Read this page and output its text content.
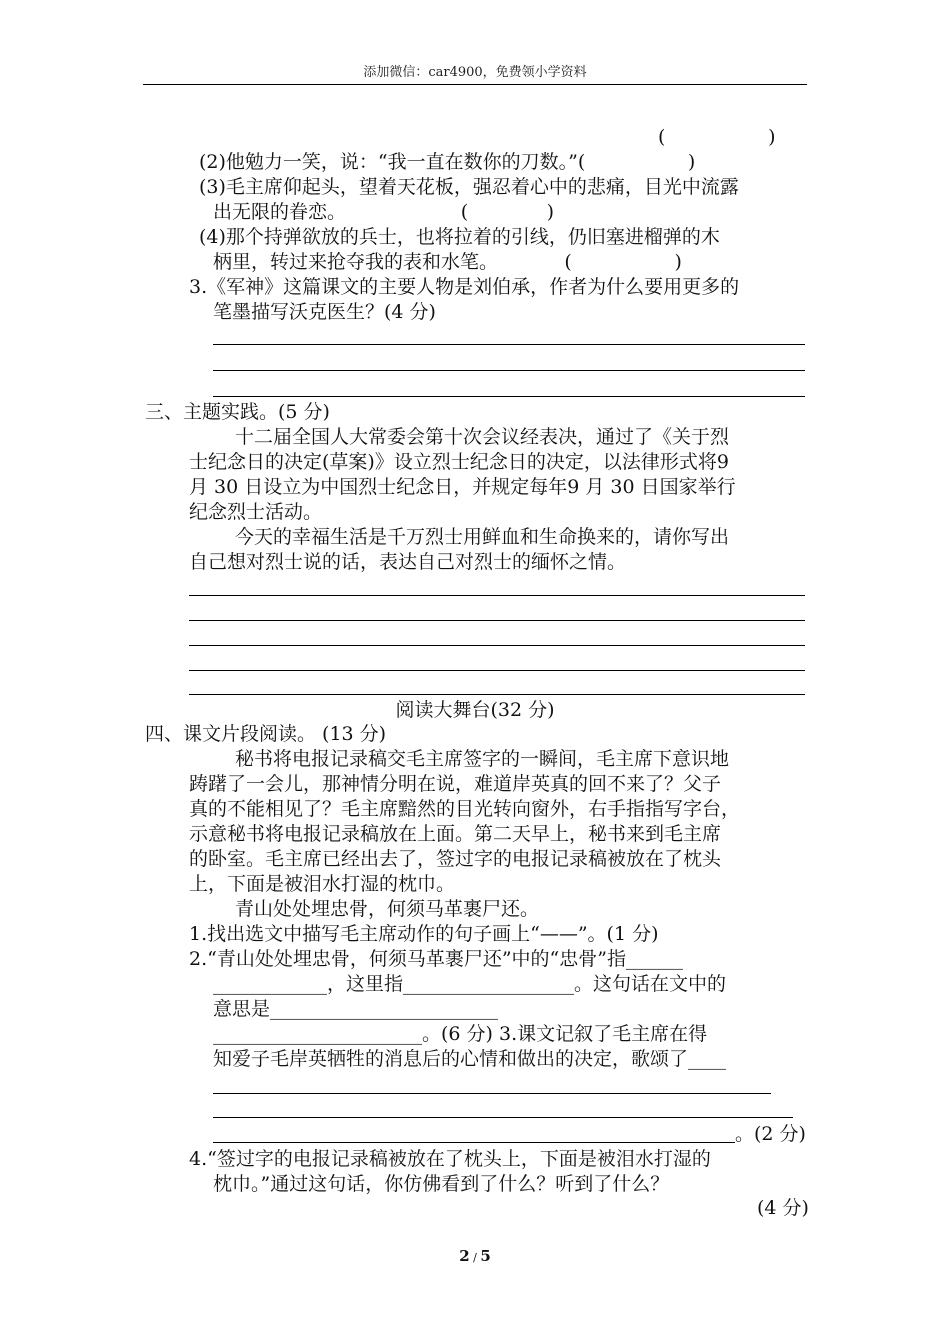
添加微信：car4900，免费领小学资料
(                 )
(2)他勉力一笑，说：“我一直在数你的刀数。”(                 )
(3)毛主席仰起头，望着天花板，强忍着心中的悲痛，目光中流露
出无限的眷恋。                   (             )
(4)那个持弹欲放的兵士，也将拉着的引线，仍旧塞进榴弹的木
柄里，转过来抢夺我的表和水笔。           (                 )
3.《军神》这篇课文的主要人物是刘伯承，作者为什么要用更多的
笔墨描写沃克医生？(4 分)
三、主题实践。(5 分)
十二届全国人大常委会第十次会议经表决，通过了《关于烈
士纪念日的决定(草案)》设立烈士纪念日的决定，以法律形式将9
月 30 日设立为中国烈士纪念日，并规定每年9 月 30 日国家举行
纪念烈士活动。
今天的幸福生活是千万烈士用鲜血和生命换来的，请你写出
自己想对烈士说的话，表达自己对烈士的缅怀之情。
阅读大舞台(32 分)
四、课文片段阅读。 (13 分)
秘书将电报记录稿交毛主席签字的一瞬间，毛主席下意识地
踌躇了一会儿，那神情分明在说，难道岸英真的回不来了？父子
真的不能相见了？毛主席黯然的目光转向窗外，右手指指写字台，
示意秘书将电报记录稿放在上面。第二天早上，秘书来到毛主席
的卧室。毛主席已经出去了，签过字的电报记录稿被放在了枕头
上，下面是被泪水打湿的枕巾。
青山处处埋忠骨，何须马革裹尸还。
1.找出选文中描写毛主席动作的句子画上“——”。(1 分)
2.“青山处处埋忠骨，何须马革裹尸还”中的“忠骨”指______
____________，这里指__________________。这句话在文中的
意思是________________________
______________________。(6 分) 3.课文记叙了毛主席在得
知爱子毛岸英牺牲的消息后的心情和做出的决定，歌颂了____
。(2 分)
4.“签过字的电报记录稿被放在了枕头上，下面是被泪水打湿的
枕巾。”通过这句话，你仿佛看到了什么？听到了什么？
(4 分)
2 / 5
